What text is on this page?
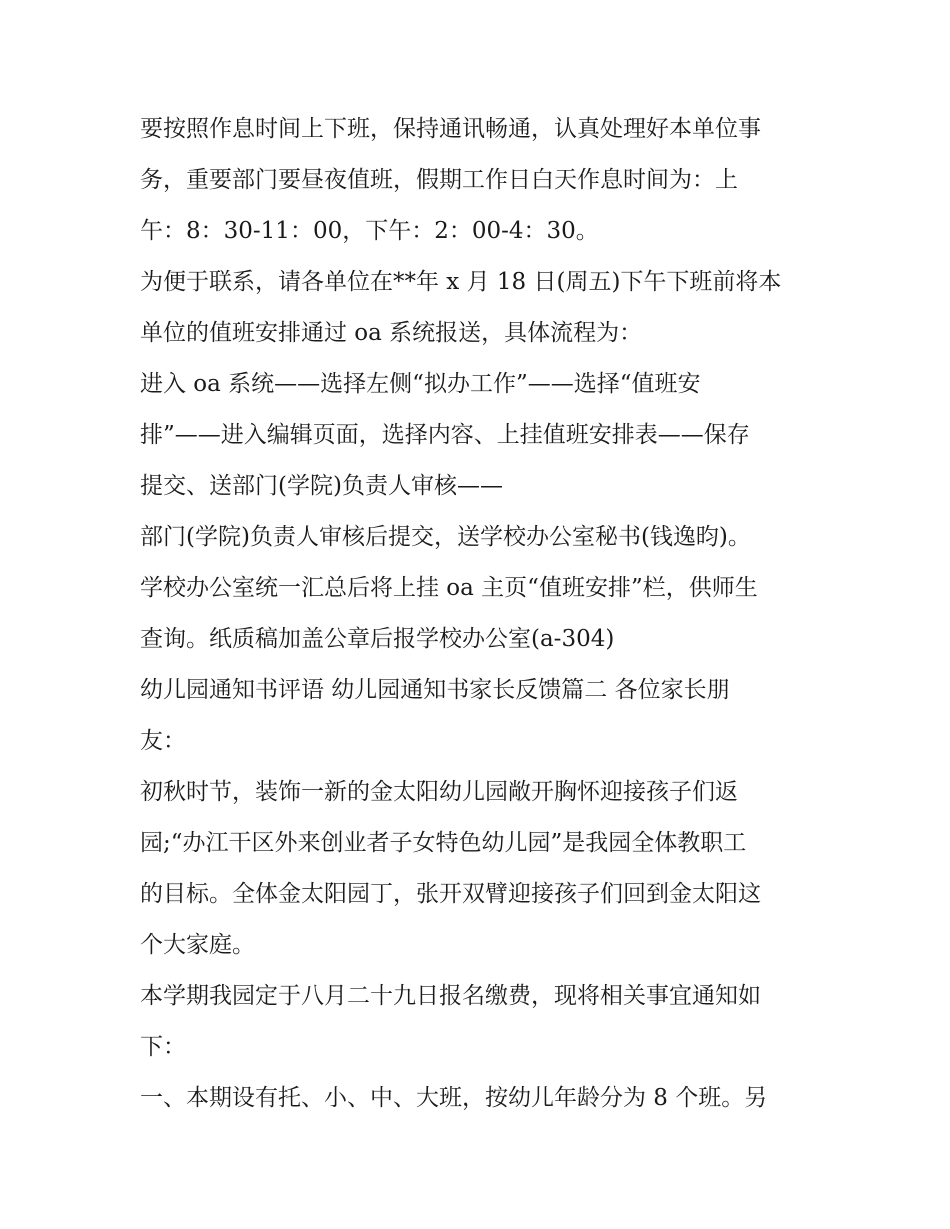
要按照作息时间上下班，保持通讯畅通，认真处理好本单位事
务，重要部门要昼夜值班，假期工作日白天作息时间为：上
午：8：30-11：00，下午：2：00-4：30。
为便于联系，请各单位在**年 x 月 18 日(周五)下午下班前将本
单位的值班安排通过 oa 系统报送，具体流程为：
进入 oa 系统——选择左侧“拟办工作”——选择“值班安
排”——进入编辑页面，选择内容、上挂值班安排表——保存
提交、送部门(学院)负责人审核——
部门(学院)负责人审核后提交，送学校办公室秘书(钱逸昀)。
学校办公室统一汇总后将上挂 oa 主页“值班安排”栏，供师生
查询。纸质稿加盖公章后报学校办公室(a-304)
幼儿园通知书评语 幼儿园通知书家长反馈篇二 各位家长朋
友：
初秋时节，装饰一新的金太阳幼儿园敞开胸怀迎接孩子们返
园;“办江干区外来创业者子女特色幼儿园”是我园全体教职工
的目标。全体金太阳园丁，张开双臂迎接孩子们回到金太阳这
个大家庭。
本学期我园定于八月二十九日报名缴费，现将相关事宜通知如
下：
一、本期设有托、小、中、大班，按幼儿年龄分为 8 个班。另
